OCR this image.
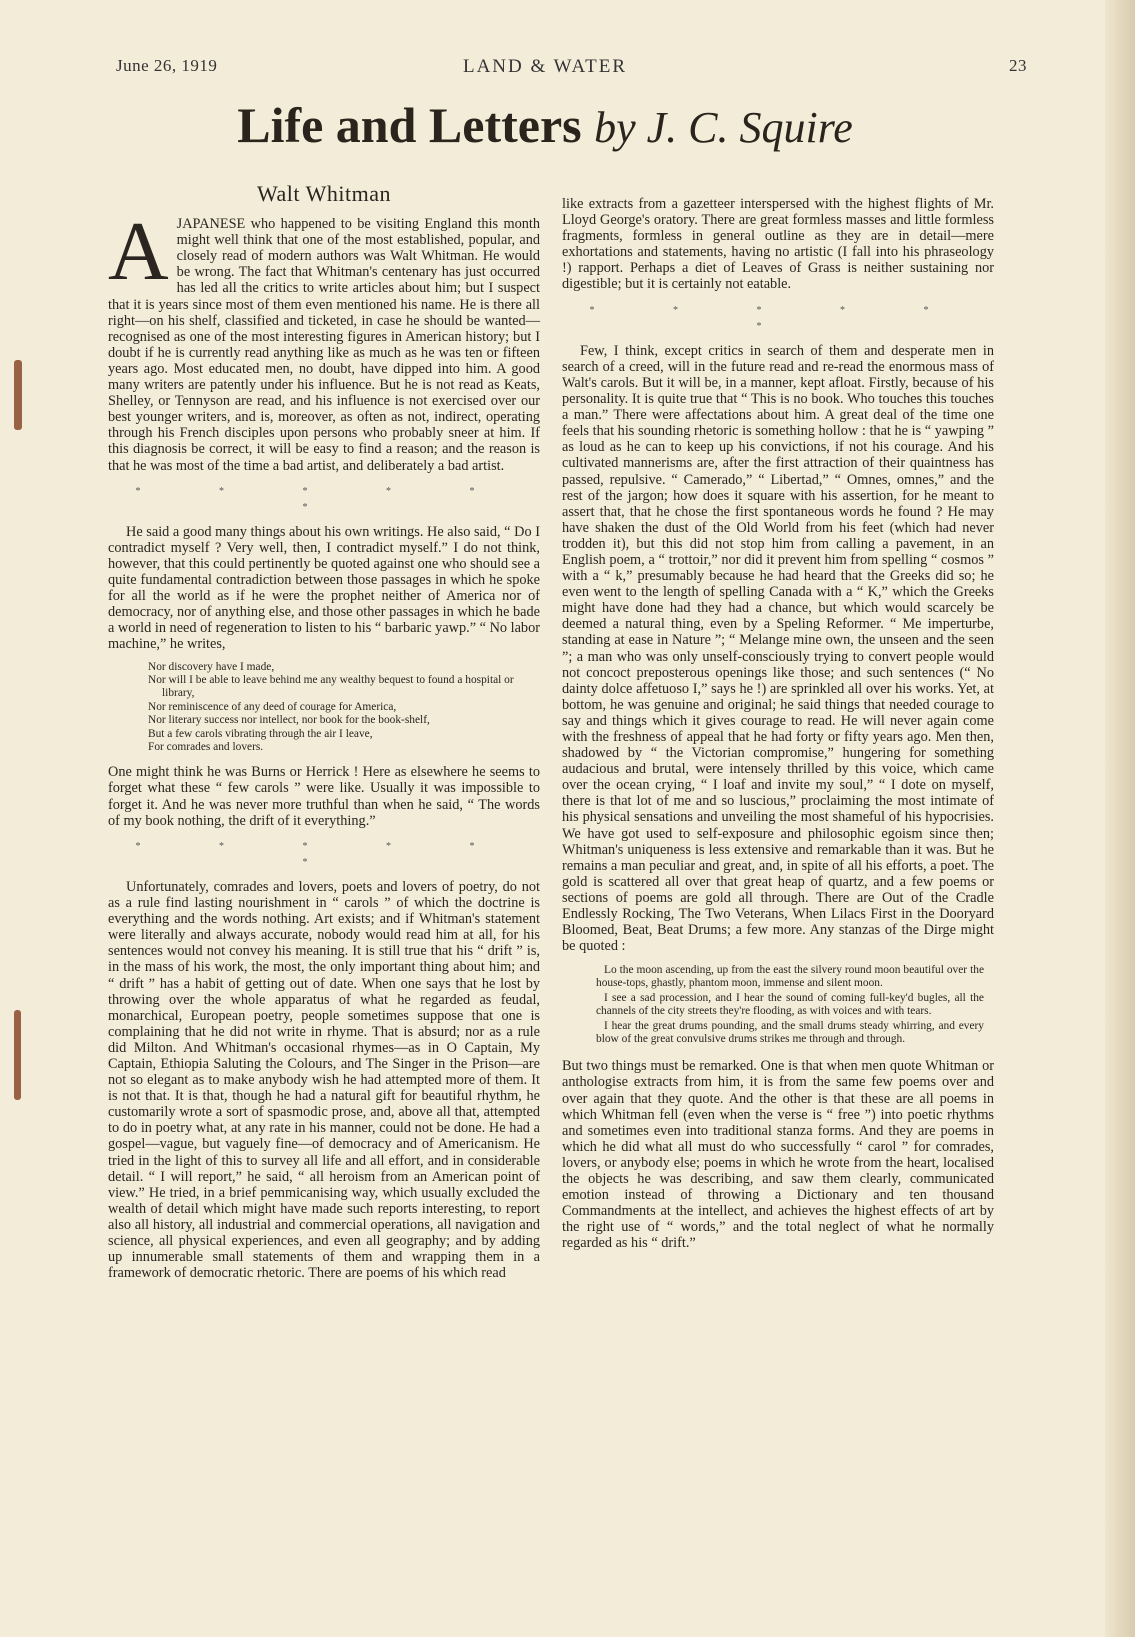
June 26, 1919	LAND & WATER	23
Life and Letters by J. C. Squire
Walt Whitman

A JAPANESE who happened to be visiting England this month might well think that one of the most established, popular, and closely read of modern authors was Walt Whitman. He would be wrong. The fact that Whitman's centenary has just occurred has led all the critics to write articles about him; but I suspect that it is years since most of them even mentioned his name. He is there all right—on his shelf, classified and ticketed, in case he should be wanted—recognised as one of the most interesting figures in American history; but I doubt if he is currently read anything like as much as he was ten or fifteen years ago. Most educated men, no doubt, have dipped into him. A good many writers are patently under his influence. But he is not read as Keats, Shelley, or Tennyson are read, and his influence is not exercised over our best younger writers, and is, moreover, as often as not, indirect, operating through his French disciples upon persons who probably sneer at him. If this diagnosis be correct, it will be easy to find a reason; and the reason is that he was most of the time a bad artist, and deliberately a bad artist.

* * * * * *

He said a good many things about his own writings. He also said, “ Do I contradict myself ? Very well, then, I contradict myself.” I do not think, however, that this could pertinently be quoted against one who should see a quite fundamental contradiction between those passages in which he spoke for all the world as if he were the prophet neither of America nor of democracy, nor of anything else, and those other passages in which he bade a world in need of regeneration to listen to his “ barbaric yawp.” “ No labor machine,” he writes,

Nor discovery have I made,
Nor will I be able to leave behind me any wealthy bequest to found a hospital or library,
Nor reminiscence of any deed of courage for America,
Nor literary success nor intellect, nor book for the book-shelf,
But a few carols vibrating through the air I leave,
For comrades and lovers.

One might think he was Burns or Herrick ! Here as elsewhere he seems to forget what these “ few carols ” were like. Usually it was impossible to forget it. And he was never more truthful than when he said, “ The words of my book nothing, the drift of it everything.”

* * * * * *

Unfortunately, comrades and lovers, poets and lovers of poetry, do not as a rule find lasting nourishment in “ carols ” of which the doctrine is everything and the words nothing. Art exists; and if Whitman's statement were literally and always accurate, nobody would read him at all, for his sentences would not convey his meaning. It is still true that his “ drift ” is, in the mass of his work, the most, the only important thing about him; and “ drift ” has a habit of getting out of date. When one says that he lost by throwing over the whole apparatus of what he regarded as feudal, monarchical, European poetry, people sometimes suppose that one is complaining that he did not write in rhyme. That is absurd; nor as a rule did Milton. And Whitman's occasional rhymes—as in O Captain, My Captain, Ethiopia Saluting the Colours, and The Singer in the Prison—are not so elegant as to make anybody wish he had attempted more of them. It is not that. It is that, though he had a natural gift for beautiful rhythm, he customarily wrote a sort of spasmodic prose, and, above all that, attempted to do in poetry what, at any rate in his manner, could not be done. He had a gospel—vague, but vaguely fine—of democracy and of Americanism. He tried in the light of this to survey all life and all effort, and in considerable detail. “ I will report,” he said, “ all heroism from an American point of view.” He tried, in a brief pemmicanising way, which usually excluded the wealth of detail which might have made such reports interesting, to report also all history, all industrial and commercial operations, all navigation and science, all physical experiences, and even all geography; and by adding up innumerable small statements of them and wrapping them in a framework of democratic rhetoric. There are poems of his which read

like extracts from a gazetteer interspersed with the highest flights of Mr. Lloyd George's oratory. There are great formless masses and little formless fragments, formless in general outline as they are in detail—mere exhortations and statements, having no artistic (I fall into his phraseology !) rapport. Perhaps a diet of Leaves of Grass is neither sustaining nor digestible; but it is certainly not eatable.

* * * * * *

Few, I think, except critics in search of them and desperate men in search of a creed, will in the future read and re-read the enormous mass of Walt's carols. But it will be, in a manner, kept afloat. Firstly, because of his personality. It is quite true that “ This is no book. Who touches this touches a man.” There were affectations about him. A great deal of the time one feels that his sounding rhetoric is something hollow : that he is “ yawping ” as loud as he can to keep up his convictions, if not his courage. And his cultivated mannerisms are, after the first attraction of their quaintness has passed, repulsive. “ Camerado,” “ Libertad,” “ Omnes, omnes,” and the rest of the jargon; how does it square with his assertion, for he meant to assert that, that he chose the first spontaneous words he found ? He may have shaken the dust of the Old World from his feet (which had never trodden it), but this did not stop him from calling a pavement, in an English poem, a “ trottoir,” nor did it prevent him from spelling “ cosmos ” with a “ k,” presumably because he had heard that the Greeks did so; he even went to the length of spelling Canada with a “ K,” which the Greeks might have done had they had a chance, but which would scarcely be deemed a natural thing, even by a Speling Reformer. “ Me imperturbe, standing at ease in Nature ”; “ Melange mine own, the unseen and the seen ”; a man who was only unself-consciously trying to convert people would not concoct preposterous openings like those; and such sentences (“ No dainty dolce affetuoso I,” says he !) are sprinkled all over his works. Yet, at bottom, he was genuine and original; he said things that needed courage to say and things which it gives courage to read. He will never again come with the freshness of appeal that he had forty or fifty years ago. Men then, shadowed by “ the Victorian compromise,” hungering for something audacious and brutal, were intensely thrilled by this voice, which came over the ocean crying, “ I loaf and invite my soul,” “ I dote on myself, there is that lot of me and so luscious,” proclaiming the most intimate of his physical sensations and unveiling the most shameful of his hypocrisies. We have got used to self-exposure and philosophic egoism since then; Whitman's uniqueness is less extensive and remarkable than it was. But he remains a man peculiar and great, and, in spite of all his efforts, a poet. The gold is scattered all over that great heap of quartz, and a few poems or sections of poems are gold all through. There are Out of the Cradle Endlessly Rocking, The Two Veterans, When Lilacs First in the Dooryard Bloomed, Beat, Beat Drums; a few more. Any stanzas of the Dirge might be quoted :

Lo the moon ascending, up from the east the silvery round moon beautiful over the house-tops, ghastly, phantom moon, immense and silent moon.
I see a sad procession, and I hear the sound of coming full-key'd bugles, all the channels of the city streets they're flooding, as with voices and with tears.
I hear the great drums pounding, and the small drums steady whirring, and every blow of the great convulsive drums strikes me through and through.

But two things must be remarked. One is that when men quote Whitman or anthologise extracts from him, it is from the same few poems over and over again that they quote. And the other is that these are all poems in which Whitman fell (even when the verse is “ free ”) into poetic rhythms and sometimes even into traditional stanza forms. And they are poems in which he did what all must do who successfully “ carol ” for comrades, lovers, or anybody else; poems in which he wrote from the heart, localised the objects he was describing, and saw them clearly, communicated emotion instead of throwing a Dictionary and ten thousand Commandments at the intellect, and achieves the highest effects of art by the right use of “ words,” and the total neglect of what he normally regarded as his “ drift.”
